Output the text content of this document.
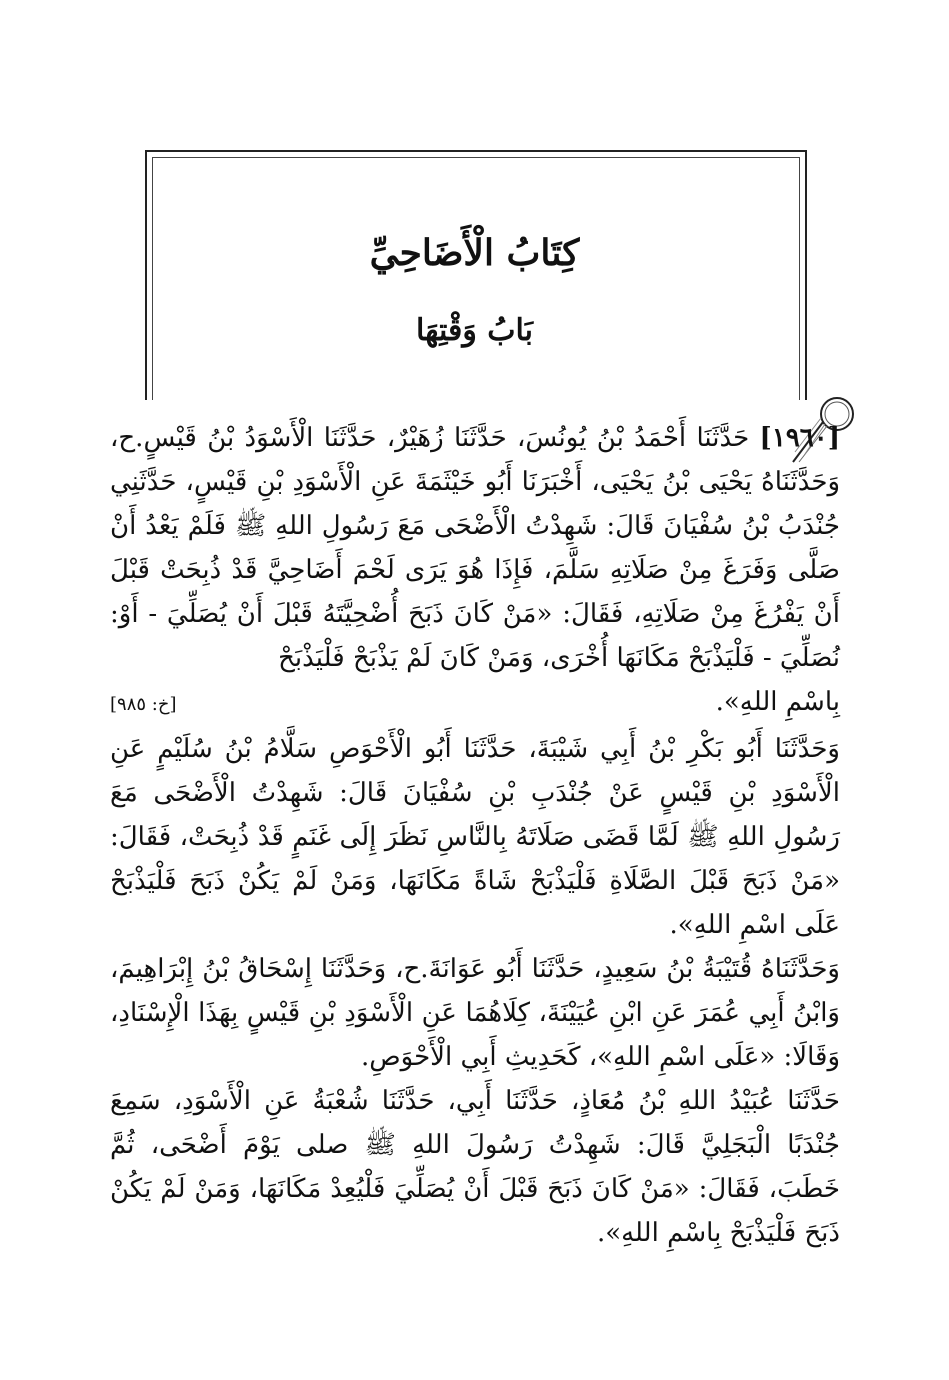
كِتَابُ الْأَضَاحِيِّ
بَابُ وَقْتِهَا

[١٩٦٠] حَدَّثَنَا أَحْمَدُ بْنُ يُونُسَ، حَدَّثَنَا زُهَيْرٌ، حَدَّثَنَا الْأَسْوَدُ بْنُ قَيْسٍ.ح، وَحَدَّثَنَاهُ يَحْيَى بْنُ يَحْيَى، أَخْبَرَنَا أَبُو خَيْثَمَةَ عَنِ الْأَسْوَدِ بْنِ قَيْسٍ، حَدَّثَنِي جُنْدَبُ بْنُ سُفْيَانَ قَالَ: شَهِدْتُ الْأَضْحَى مَعَ رَسُولِ اللهِ ﷺ فَلَمْ يَعْدُ أَنْ صَلَّى وَفَرَغَ مِنْ صَلَاتِهِ سَلَّمَ، فَإِذَا هُوَ يَرَى لَحْمَ أَضَاحِيَّ قَدْ ذُبِحَتْ قَبْلَ أَنْ يَفْرُغَ مِنْ صَلَاتِهِ، فَقَالَ: «مَنْ كَانَ ذَبَحَ أُضْحِيَّتَهُ قَبْلَ أَنْ يُصَلِّيَ - أَوْ: نُصَلِّيَ - فَلْيَذْبَحْ مَكَانَهَا أُخْرَى، وَمَنْ كَانَ لَمْ يَذْبَحْ فَلْيَذْبَحْ

بِاسْمِ اللهِ».
[خ: ٩٨٥]

وَحَدَّثَنَا أَبُو بَكْرِ بْنُ أَبِي شَيْبَةَ، حَدَّثَنَا أَبُو الْأَحْوَصِ سَلَّامُ بْنُ سُلَيْمٍ عَنِ الْأَسْوَدِ بْنِ قَيْسٍ عَنْ جُنْدَبِ بْنِ سُفْيَانَ قَالَ: شَهِدْتُ الْأَضْحَى مَعَ رَسُولِ اللهِ ﷺ لَمَّا قَضَى صَلَاتَهُ بِالنَّاسِ نَظَرَ إِلَى غَنَمٍ قَدْ ذُبِحَتْ، فَقَالَ: «مَنْ ذَبَحَ قَبْلَ الصَّلَاةِ فَلْيَذْبَحْ شَاةً مَكَانَهَا، وَمَنْ لَمْ يَكُنْ ذَبَحَ فَلْيَذْبَحْ عَلَى اسْمِ اللهِ».

وَحَدَّثَنَاهُ قُتَيْبَةُ بْنُ سَعِيدٍ، حَدَّثَنَا أَبُو عَوَانَةَ.ح، وَحَدَّثَنَا إِسْحَاقُ بْنُ إِبْرَاهِيمَ، وَابْنُ أَبِي عُمَرَ عَنِ ابْنِ عُيَيْنَةَ، كِلَاهُمَا عَنِ الْأَسْوَدِ بْنِ قَيْسٍ بِهَذَا الْإِسْنَادِ، وَقَالَا: «عَلَى اسْمِ اللهِ»، كَحَدِيثِ أَبِي الْأَحْوَصِ.

حَدَّثَنَا عُبَيْدُ اللهِ بْنُ مُعَاذٍ، حَدَّثَنَا أَبِي، حَدَّثَنَا شُعْبَةُ عَنِ الْأَسْوَدِ، سَمِعَ جُنْدَبًا الْبَجَلِيَّ قَالَ: شَهِدْتُ رَسُولَ اللهِ ﷺ صلى يَوْمَ أَضْحَى، ثُمَّ خَطَبَ، فَقَالَ: «مَنْ كَانَ ذَبَحَ قَبْلَ أَنْ يُصَلِّيَ فَلْيُعِدْ مَكَانَهَا، وَمَنْ لَمْ يَكُنْ ذَبَحَ فَلْيَذْبَحْ بِاسْمِ اللهِ».
